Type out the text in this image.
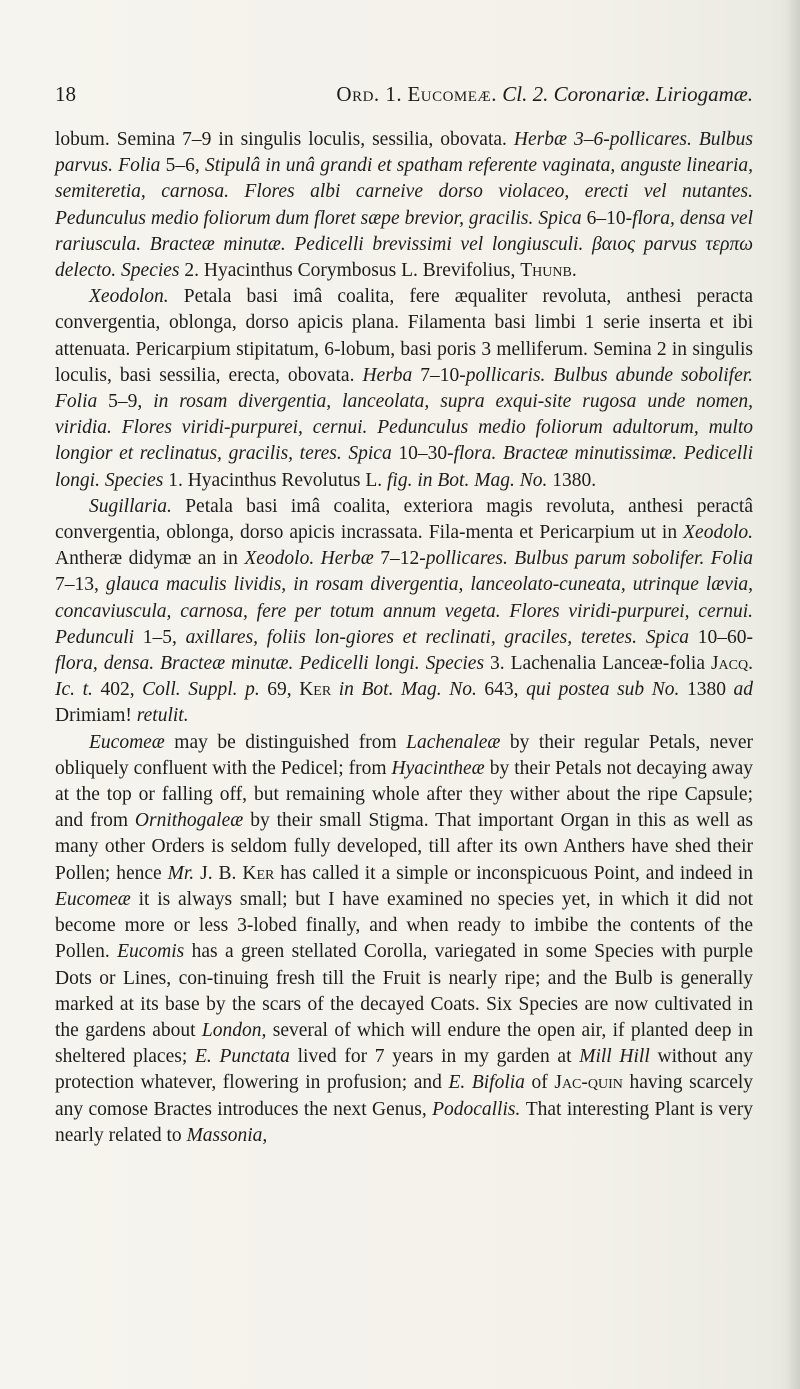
18	Ord. 1. Eucomeæ. Cl. 2. Coronariæ. Liriogamæ.

lobum. Semina 7–9 in singulis loculis, sessilia, obovata. Herbæ 3–6-pollicares. Bulbus parvus. Folia 5–6, Stipulâ in unâ grandi et spatham referente vaginata, anguste linearia, semiteretia, carnosa. Flores albi carneive dorso violaceo, erecti vel nutantes. Pedunculus medio foliorum dum floret sæpe brevior, gracilis. Spica 6–10-flora, densa vel rariuscula. Bracteæ minutæ. Pedicelli brevissimi vel longiusculi. βαιος parvus τερπω delecto. Species 2. Hyacinthus Corymbosus L. Brevifolius, Thunb.

Xeodolon. Petala basi imâ coalita, fere æqualiter revoluta, anthesi peracta convergentia, oblonga, dorso apicis plana. Filamenta basi limbi 1 serie inserta et ibi attenuata. Pericarpium stipitatum, 6-lobum, basi poris 3 melliferum. Semina 2 in singulis loculis, basi sessilia, erecta, obovata. Herba 7–10-pollicaris. Bulbus abunde sobolifer. Folia 5–9, in rosam divergentia, lanceolata, supra exqui-site rugosa unde nomen, viridia. Flores viridi-purpurei, cernui. Pedunculus medio foliorum adultorum, multo longior et reclinatus, gracilis, teres. Spica 10–30-flora. Bracteæ minutissimæ. Pedicelli longi. Species 1. Hyacinthus Revolutus L. fig. in Bot. Mag. No. 1380.

Sugillaria. Petala basi imâ coalita, exteriora magis revoluta, anthesi peractâ convergentia, oblonga, dorso apicis incrassata. Fila-menta et Pericarpium ut in Xeodolo. Antheræ didymæ an in Xeodolo. Herbæ 7–12-pollicares. Bulbus parum sobolifer. Folia 7–13, glauca maculis lividis, in rosam divergentia, lanceolato-cuneata, utrinque lævia, concaviuscula, carnosa, fere per totum annum vegeta. Flores viridi-purpurei, cernui. Pedunculi 1–5, axillares, foliis lon-giores et reclinati, graciles, teretes. Spica 10–60-flora, densa. Bracteæ minutæ. Pedicelli longi. Species 3. Lachenalia Lanceæ-folia Jacq. Ic. t. 402, Coll. Suppl. p. 69, Ker in Bot. Mag. No. 643, qui postea sub No. 1380 ad Drimiam! retulit.

Eucomeæ may be distinguished from Lachenaleæ by their regular Petals, never obliquely confluent with the Pedicel; from Hyacintheæ by their Petals not decaying away at the top or falling off, but remaining whole after they wither about the ripe Capsule; and from Ornithogaleæ by their small Stigma. That important Organ in this as well as many other Orders is seldom fully developed, till after its own Anthers have shed their Pollen; hence Mr. J. B. Ker has called it a simple or inconspicuous Point, and indeed in Eucomeæ it is always small; but I have examined no species yet, in which it did not become more or less 3-lobed finally, and when ready to imbibe the contents of the Pollen. Eucomis has a green stellated Corolla, variegated in some Species with purple Dots or Lines, con-tinuing fresh till the Fruit is nearly ripe; and the Bulb is generally marked at its base by the scars of the decayed Coats. Six Species are now cultivated in the gardens about London, several of which will endure the open air, if planted deep in sheltered places; E. Punctata lived for 7 years in my garden at Mill Hill without any protection whatever, flowering in profusion; and E. Bifolia of Jac-quin having scarcely any comose Bractes introduces the next Genus, Podocallis. That interesting Plant is very nearly related to Massonia,
